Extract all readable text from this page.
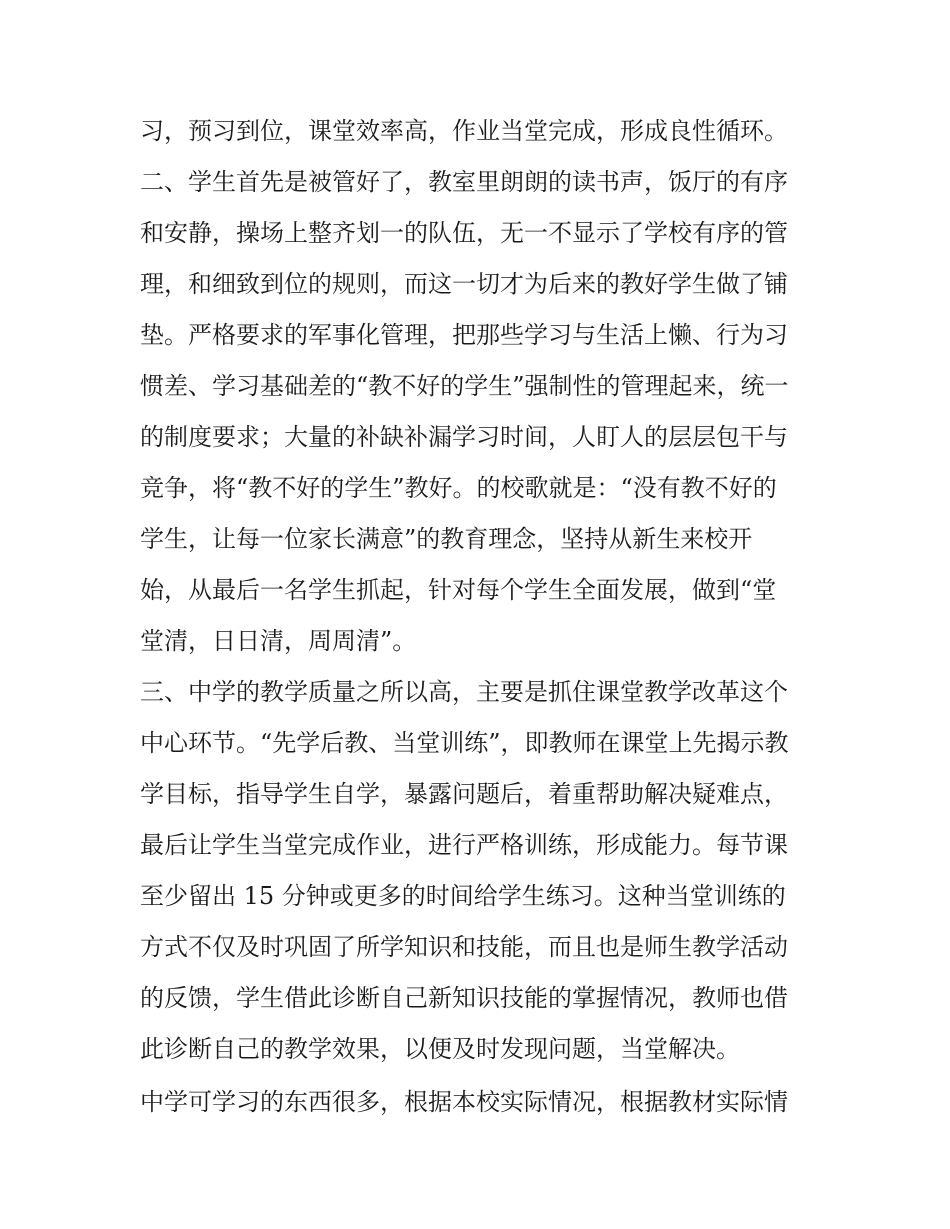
习，预习到位，课堂效率高，作业当堂完成，形成良性循环。
二、学生首先是被管好了，教室里朗朗的读书声，饭厅的有序
和安静，操场上整齐划一的队伍，无一不显示了学校有序的管
理，和细致到位的规则，而这一切才为后来的教好学生做了铺
垫。严格要求的军事化管理，把那些学习与生活上懒、行为习
惯差、学习基础差的“教不好的学生”强制性的管理起来，统一
的制度要求；大量的补缺补漏学习时间，人盯人的层层包干与
竞争，将“教不好的学生”教好。的校歌就是：“没有教不好的
学生，让每一位家长满意”的教育理念，坚持从新生来校开
始，从最后一名学生抓起，针对每个学生全面发展，做到“堂
堂清，日日清，周周清”。
三、中学的教学质量之所以高，主要是抓住课堂教学改革这个
中心环节。“先学后教、当堂训练”，即教师在课堂上先揭示教
学目标，指导学生自学，暴露问题后，着重帮助解决疑难点，
最后让学生当堂完成作业，进行严格训练，形成能力。每节课
至少留出 15 分钟或更多的时间给学生练习。这种当堂训练的
方式不仅及时巩固了所学知识和技能，而且也是师生教学活动
的反馈，学生借此诊断自己新知识技能的掌握情况，教师也借
此诊断自己的教学效果，以便及时发现问题，当堂解决。
中学可学习的东西很多，根据本校实际情况，根据教材实际情
